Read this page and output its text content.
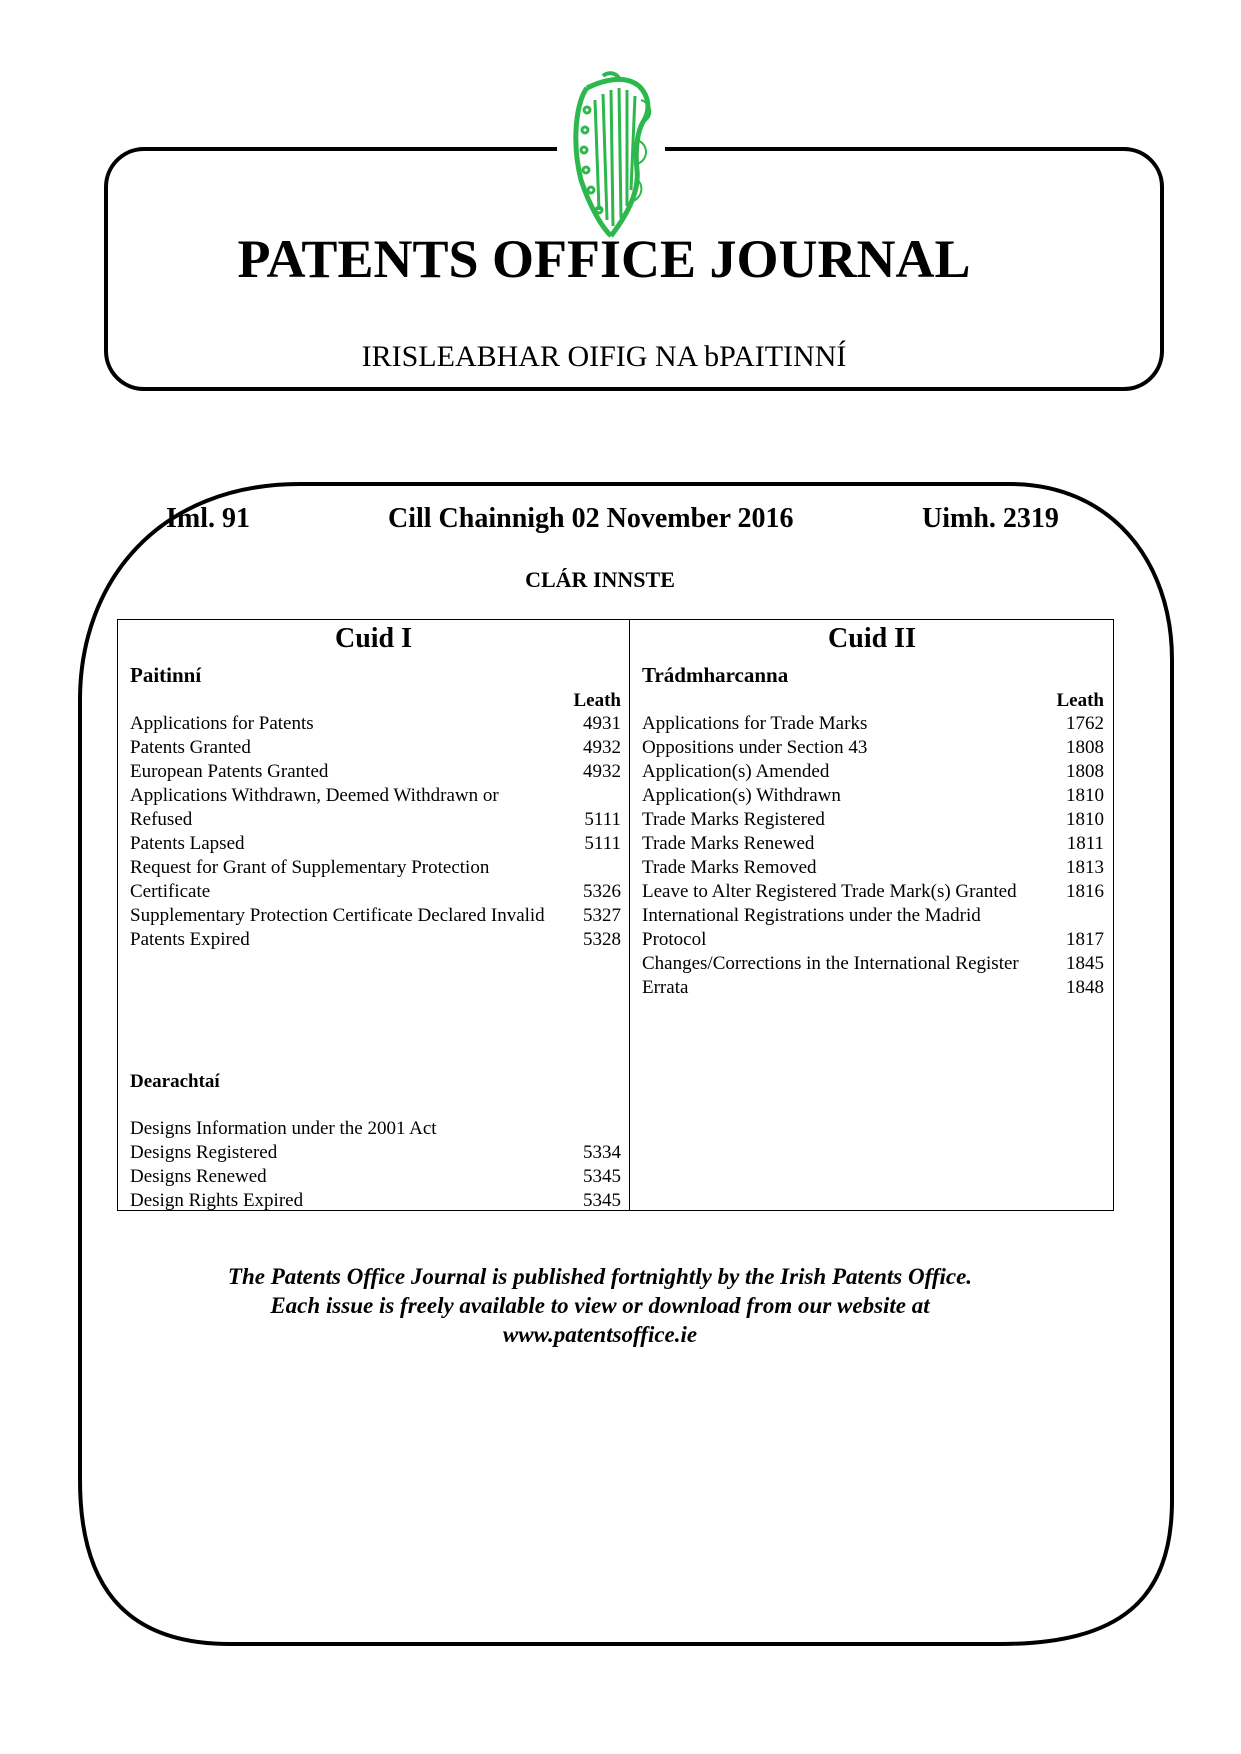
PATENTS OFFICE JOURNAL
IRISLEABHAR OIFIG NA bPAITINNÍ
Iml. 91	Cill Chainnigh 02 November 2016	Uimh. 2319
CLÁR INNSTE
Cuid I
Paitinní
Leath
Applications for Patents	4931
Patents Granted	4932
European Patents Granted	4932
Applications Withdrawn, Deemed Withdrawn or Refused	5111
Patents Lapsed	5111
Request for Grant of Supplementary Protection Certificate	5326
Supplementary Protection Certificate Declared Invalid 5327
Patents Expired	5328
Dearachtaí
Designs Information under the 2001 Act
Designs Registered	5334
Designs Renewed	5345
Design Rights Expired	5345
Cuid II
Trádmharcanna
Leath
Applications for Trade Marks	1762
Oppositions under Section 43	1808
Application(s) Amended	1808
Application(s) Withdrawn	1810
Trade Marks Registered	1810
Trade Marks Renewed	1811
Trade Marks Removed	1813
Leave to Alter Registered Trade Mark(s) Granted	1816
International Registrations under the Madrid Protocol	1817
Changes/Corrections in the International Register 1845
Errata	1848
The Patents Office Journal is published fortnightly by the Irish Patents Office.
Each issue is freely available to view or download from our website at
www.patentsoffice.ie
